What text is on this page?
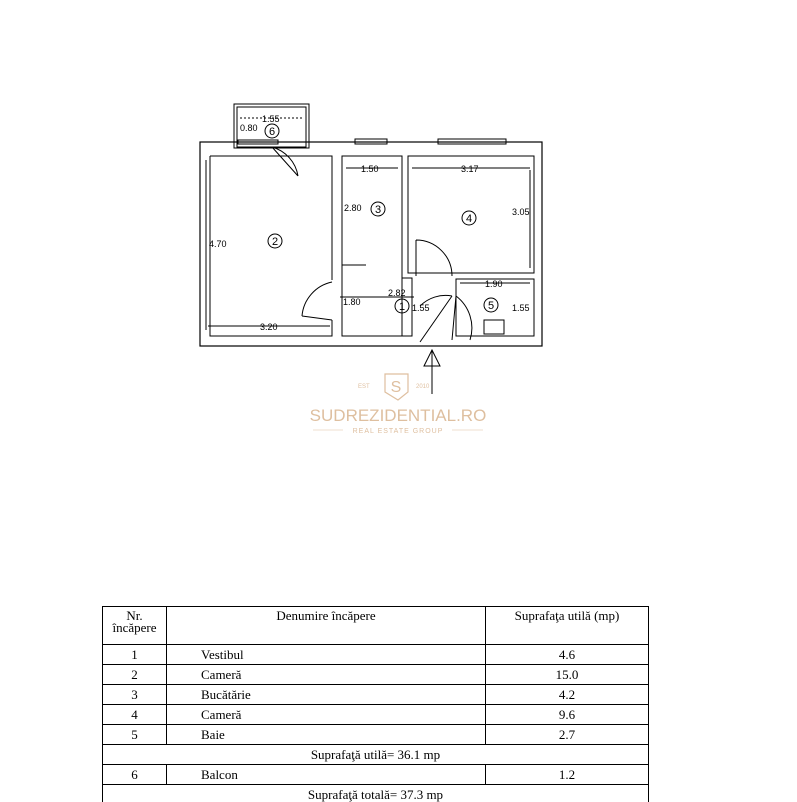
1
2
3
4
5
6
1.55
0.80
4.70
3.20
1.50
2.80
3.17
3.05
2.82
1.80
1.55
1.90
1.55
EST	2010
S
SUDREZIDENTIAL.RO
REAL ESTATE GROUP
Nr. încăpere	Denumire încăpere	Suprafaţa utilă (mp)
1	Vestibul	4.6
2	Cameră	15.0
3	Bucătărie	4.2
4	Cameră	9.6
5	Baie	2.7
Suprafaţă utilă= 36.1 mp		
6	Balcon	1.2
Suprafaţă totală= 37.3 mp		
